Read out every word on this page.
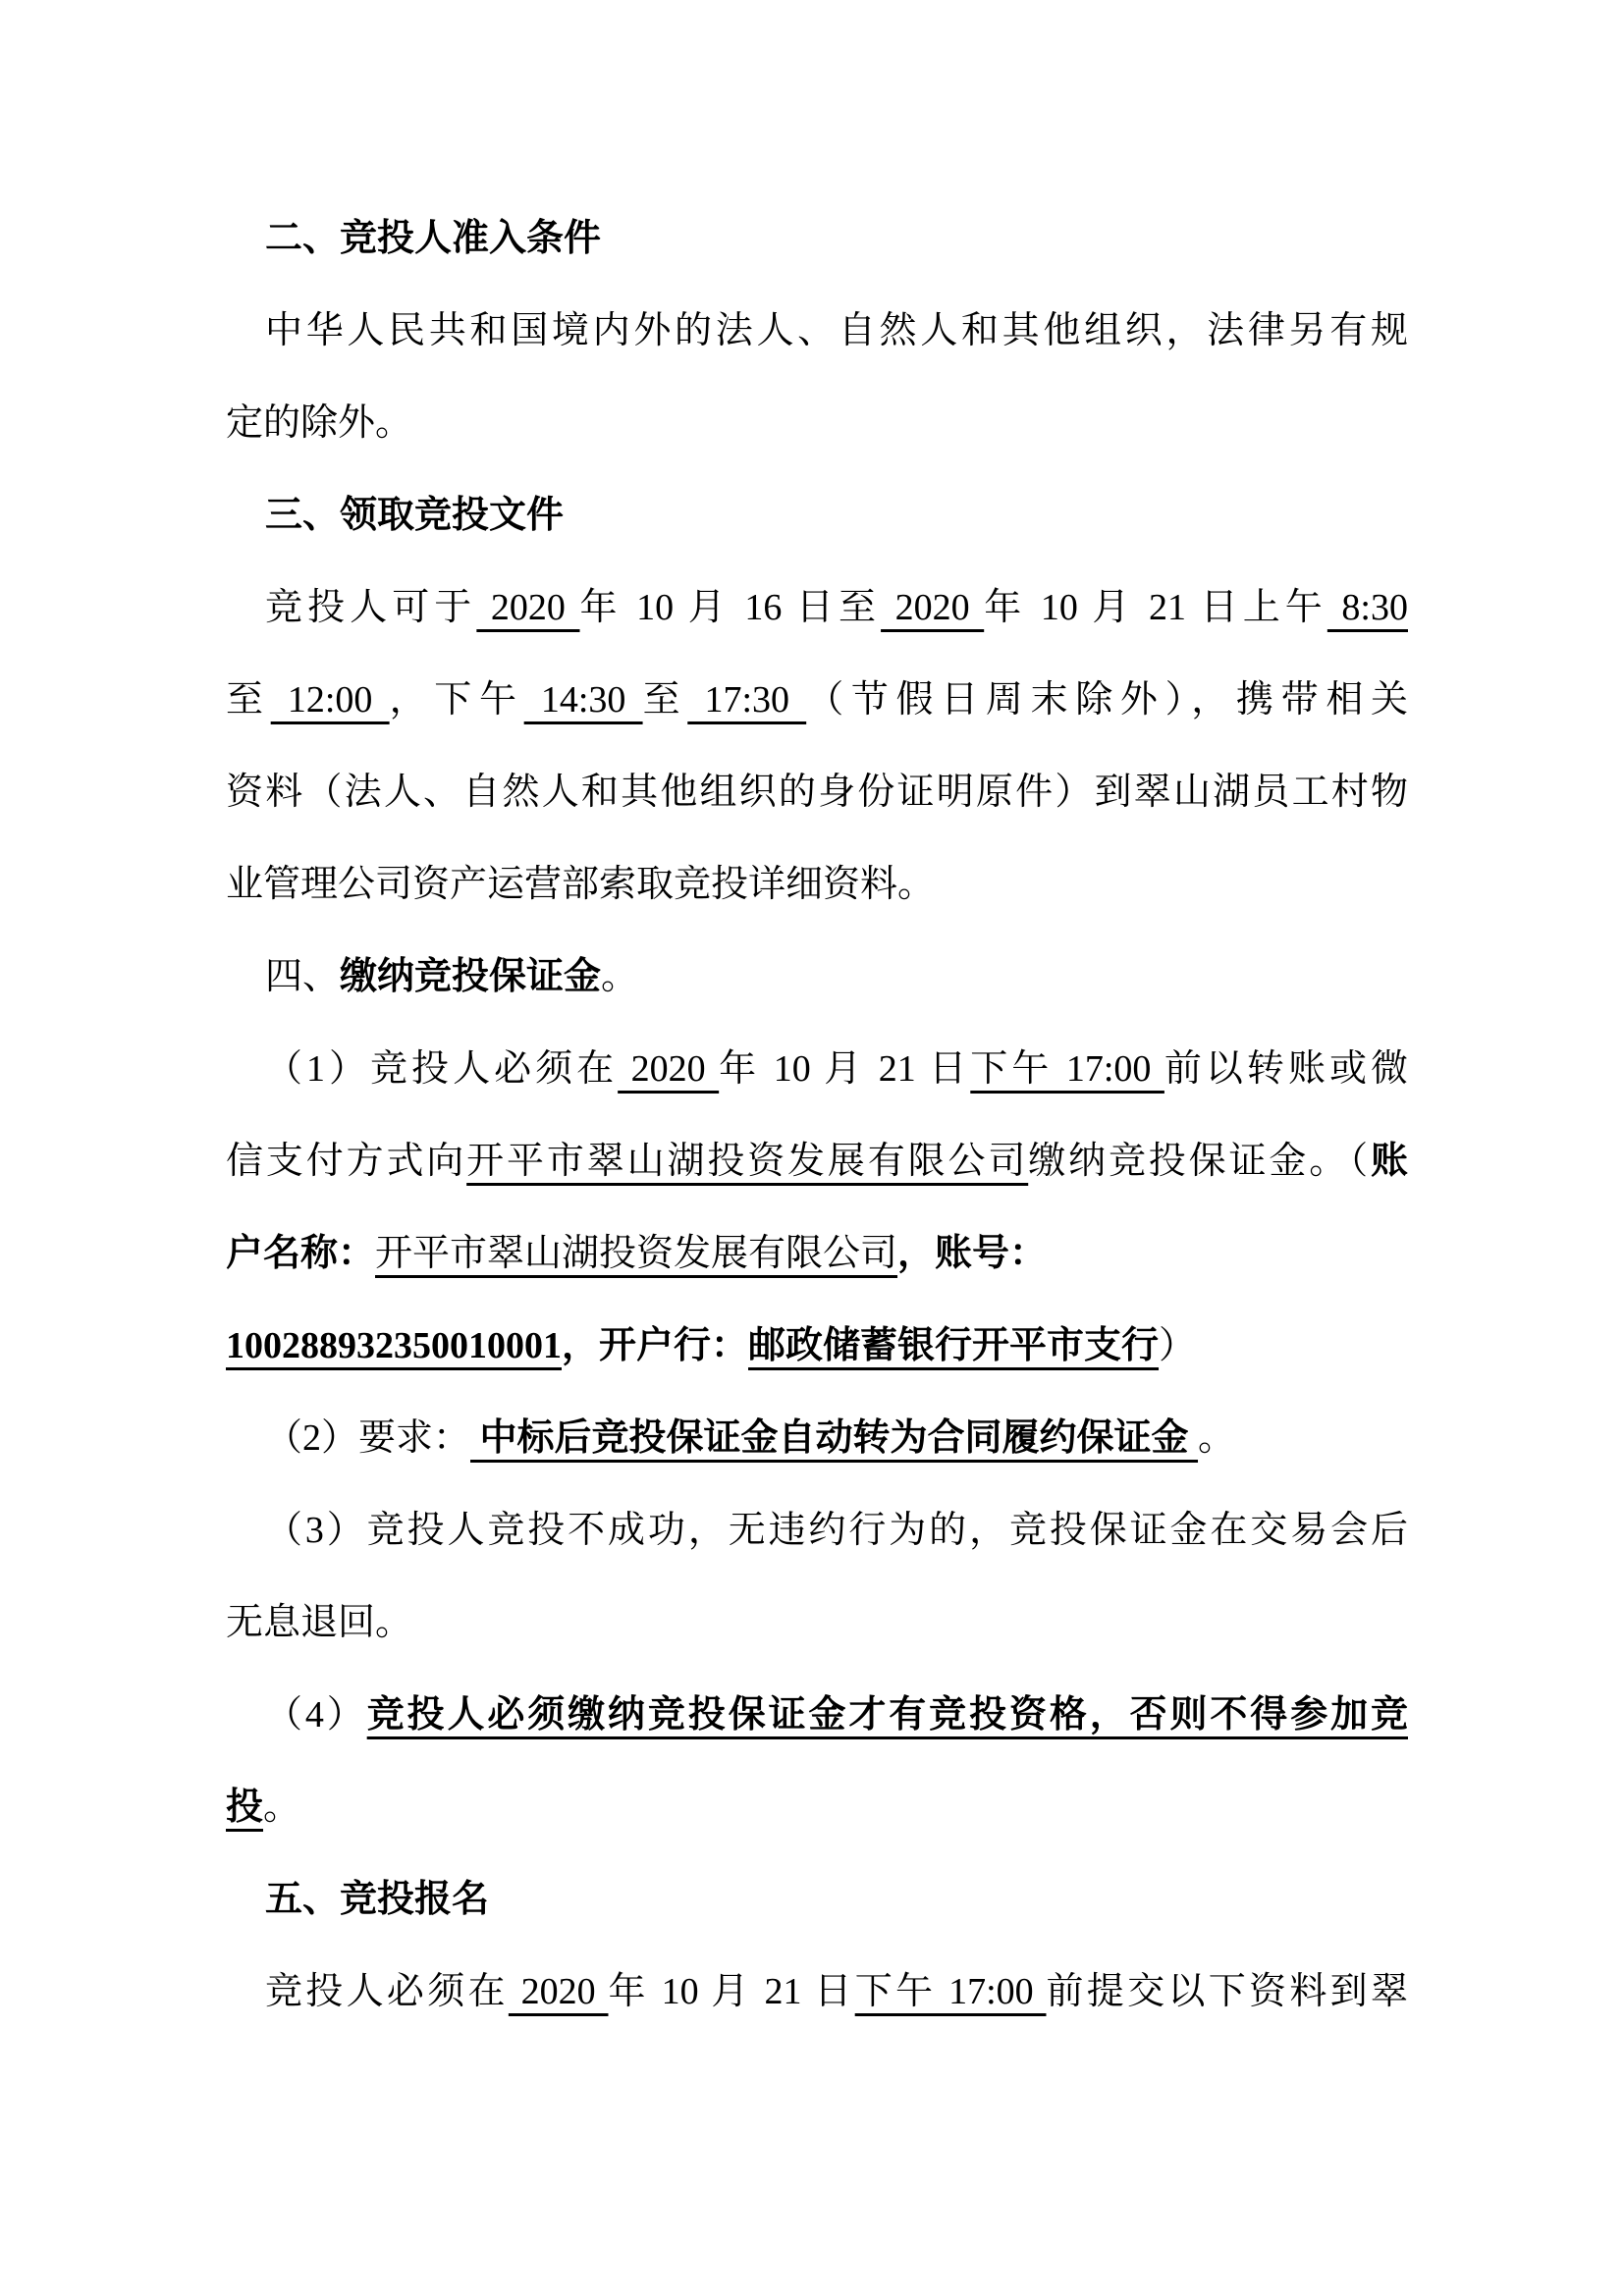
二、竞投人准入条件
中华人民共和国境内外的法人、自然人和其他组织，法律另有规
定的除外。
三、领取竞投文件
竞投人可于 2020 年 10 月 16 日至 2020 年 10 月 21 日上午 8:30
至 12:00 ，下午 14:30 至 17:30 （节假日周末除外），携带相关
资料（法人、自然人和其他组织的身份证明原件）到翠山湖员工村物
业管理公司资产运营部索取竞投详细资料。
四、缴纳竞投保证金。
（1）竞投人必须在 2020 年 10 月 21 日下午 17:00 前以转账或微
信支付方式向开平市翠山湖投资发展有限公司缴纳竞投保证金。（账
户名称：开平市翠山湖投资发展有限公司，账号：
100288932350010001，开户行：邮政储蓄银行开平市支行）
（2）要求： 中标后竞投保证金自动转为合同履约保证金 。
（3）竞投人竞投不成功，无违约行为的，竞投保证金在交易会后
无息退回。
（4）竞投人必须缴纳竞投保证金才有竞投资格，否则不得参加竞
投。
五、竞投报名
竞投人必须在 2020 年 10 月 21 日下午 17:00 前提交以下资料到翠
